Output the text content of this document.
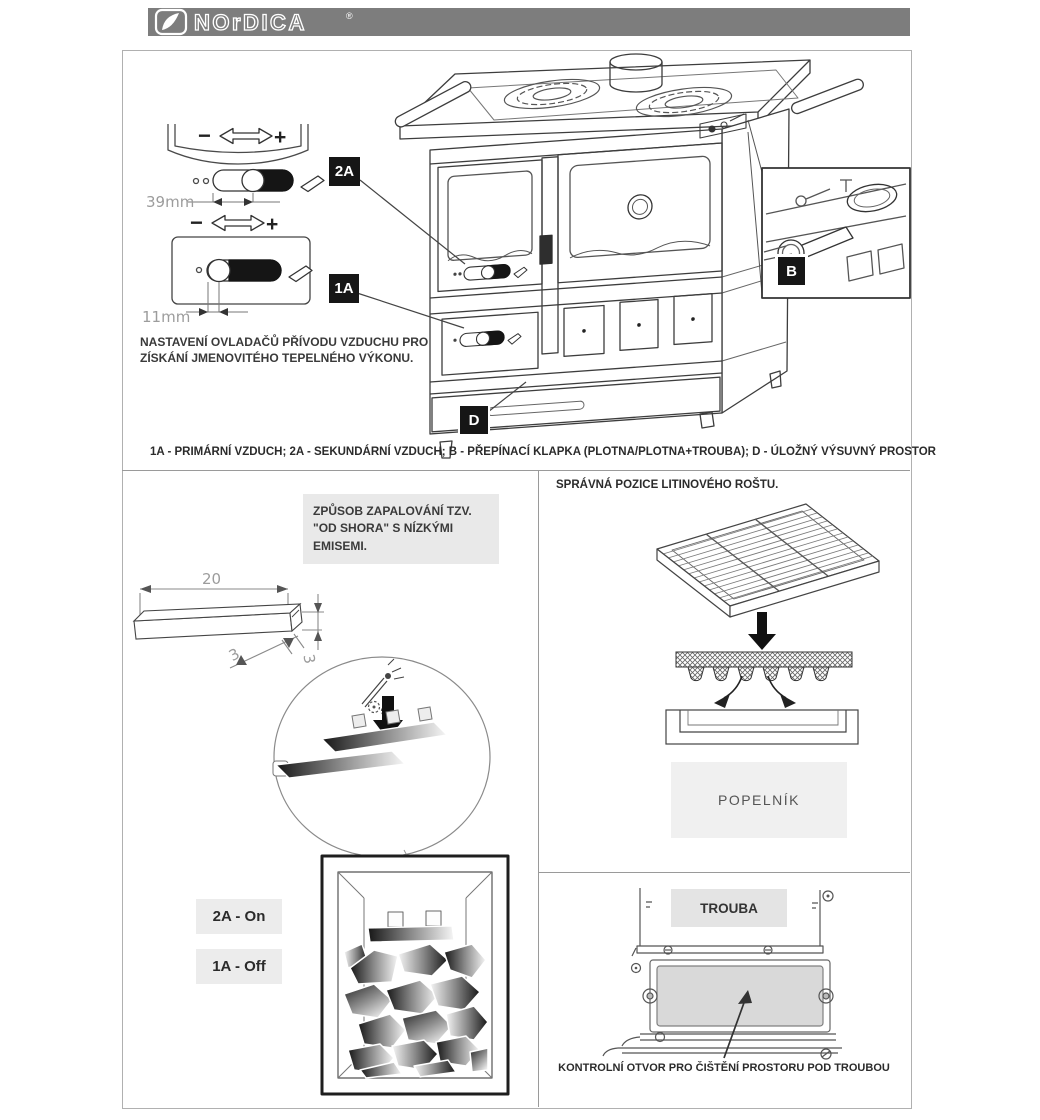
NOrDICA	®
−	+
39mm
−	+
11mm
20
3
3
NASTAVENÍ OVLADAČŮ PŘÍVODU VZDUCHU PRO
ZÍSKÁNÍ JMENOVITÉHO TEPELNÉHO VÝKONU.
2A
1A
B
D
1A - PRIMÁRNÍ VZDUCH; 2A - SEKUNDÁRNÍ VZDUCH; B - PŘEPÍNACÍ KLAPKA (PLOTNA/PLOTNA+TROUBA); D - ÚLOŽNÝ VÝSUVNÝ PROSTOR
ZPŮSOB ZAPALOVÁNÍ TZV. "OD SHORA" S NÍZKÝMI EMISEMI.
SPRÁVNÁ POZICE LITINOVÉHO ROŠTU.
2A - On
1A - Off
POPELNÍK
TROUBA
KONTROLNÍ OTVOR PRO ČIŠTĚNÍ PROSTORU POD TROUBOU
